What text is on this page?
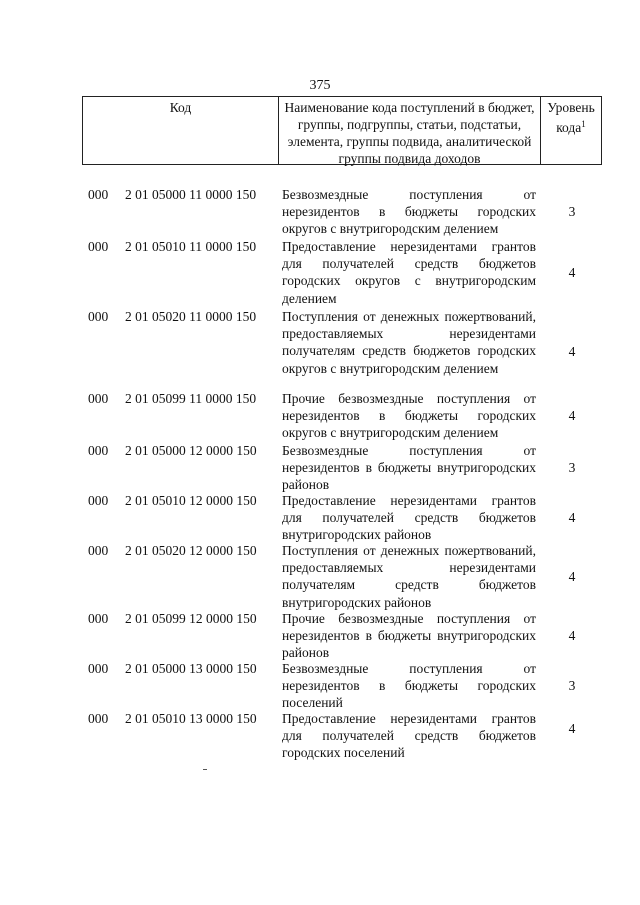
375
Код	Наименование кода поступлений в бюджет, группы, подгруппы, статьи, подстатьи, элемента, группы подвида, аналитической группы подвида доходов
Уровень кода$^1$
000 2 01 05000 11 0000 150 Безвозмездные поступления от нерезидентов в бюджеты городских округов с внутригородским делением
3
000 2 01 05010 11 0000 150 Предоставление нерезидентами грантов для получателей средств бюджетов городских округов с внутригородским делением
4
000 2 01 05020 11 0000 150 Поступления от денежных пожертвований, предоставляемых нерезидентами получателям средств бюджетов городских округов с внутригородским делением
4
000 2 01 05099 11 0000 150 Прочие безвозмездные поступления от нерезидентов в бюджеты городских округов с внутригородским делением
4
000 2 01 05000 12 0000 150 Безвозмездные поступления от нерезидентов в бюджеты внутригородских районов
3
000 2 01 05010 12 0000 150 Предоставление нерезидентами грантов для получателей средств бюджетов внутригородских районов
4
000 2 01 05020 12 0000 150 Поступления от денежных пожертвований, предоставляемых нерезидентами получателям средств бюджетов внутригородских районов
4
000 2 01 05099 12 0000 150 Прочие безвозмездные поступления от нерезидентов в бюджеты внутригородских районов
4
000 2 01 05000 13 0000 150 Безвозмездные поступления от нерезидентов в бюджеты городских поселений
3
000 2 01 05010 13 0000 150 Предоставление нерезидентами грантов для получателей средств бюджетов городских поселений
4
